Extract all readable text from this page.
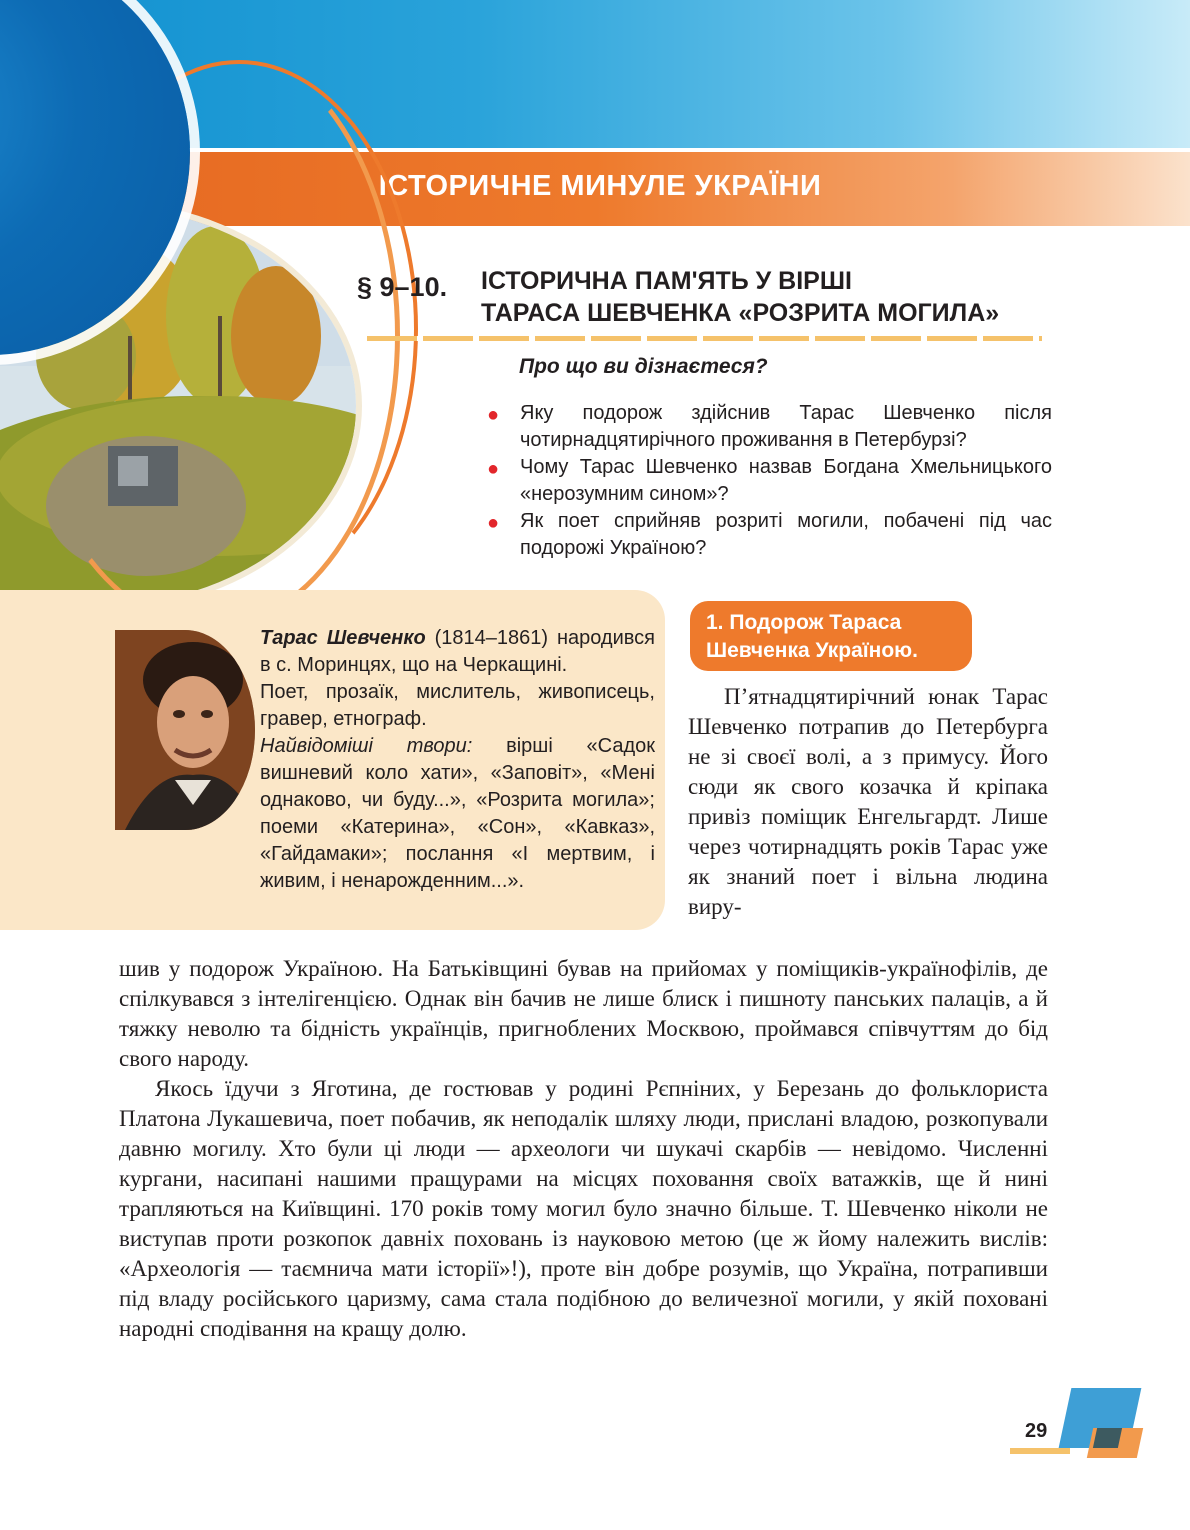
ІСТОРИЧНЕ МИНУЛЕ УКРАЇНИ
§ 9–10. ІСТОРИЧНА ПАМ'ЯТЬ У ВІРШІ
ТАРАСА ШЕВЧЕНКА «РОЗРИТА МОГИЛА»
Про що ви дізнаєтеся?
● Яку подорож здійснив Тарас Шевченко після чотирнадцятирічного проживання в Петербурзі?
● Чому Тарас Шевченко назвав Богдана Хмельницького «нерозумним сином»?
● Як поет сприйняв розриті могили, побачені під час подорожі Україною?

Тарас Шевченко (1814–1861) народився в с. Моринцях, що на Черкащині.

Поет, прозаїк, мислитель, живописець, гравер, етнограф.

Найвідоміші твори: вірші «Садок вишневий коло хати», «Заповіт», «Мені однаково, чи буду...», «Розрита могила»; поеми «Катерина», «Сон», «Кавказ», «Гайдамаки»; послання «І мертвим, і живим, і ненарожденним...».

1. Подорож Тараса Шевченка Україною.

П’ятнадцятирічний юнак Тарас Шевченко потрапив до Петербурга не зі своєї волі, а з примусу. Його сюди як свого козачка й кріпака привіз поміщик Енгельгардт. Лише через чотирнадцять років Тарас уже як знаний поет і вільна людина виру-

шив у подорож Україною. На Батьківщині бував на прийомах у поміщиків-українофілів, де спілкувався з інтелігенцією. Однак він бачив не лише блиск і пишноту панських палаців, а й тяжку неволю та бідність українців, пригноблених Москвою, проймався співчуттям до бід свого народу.

Якось їдучи з Яготина, де гостював у родині Рєпніних, у Березань до фольклориста Платона Лукашевича, поет побачив, як неподалік шляху люди, прислані владою, розкопували давню могилу. Хто були ці люди — археологи чи шукачі скарбів — невідомо. Численні кургани, насипані нашими пращурами на місцях поховання своїх ватажків, ще й нині трапляються на Київщині. 170 років тому могил було значно більше. Т. Шевченко ніколи не виступав проти розкопок давніх поховань із науковою метою (це ж йому належить вислів: «Археологія — таємнича мати історії»!), проте він добре розумів, що Україна, потрапивши під владу російського царизму, сама стала подібною до величезної могили, у якій поховані народні сподівання на кращу долю.

29
